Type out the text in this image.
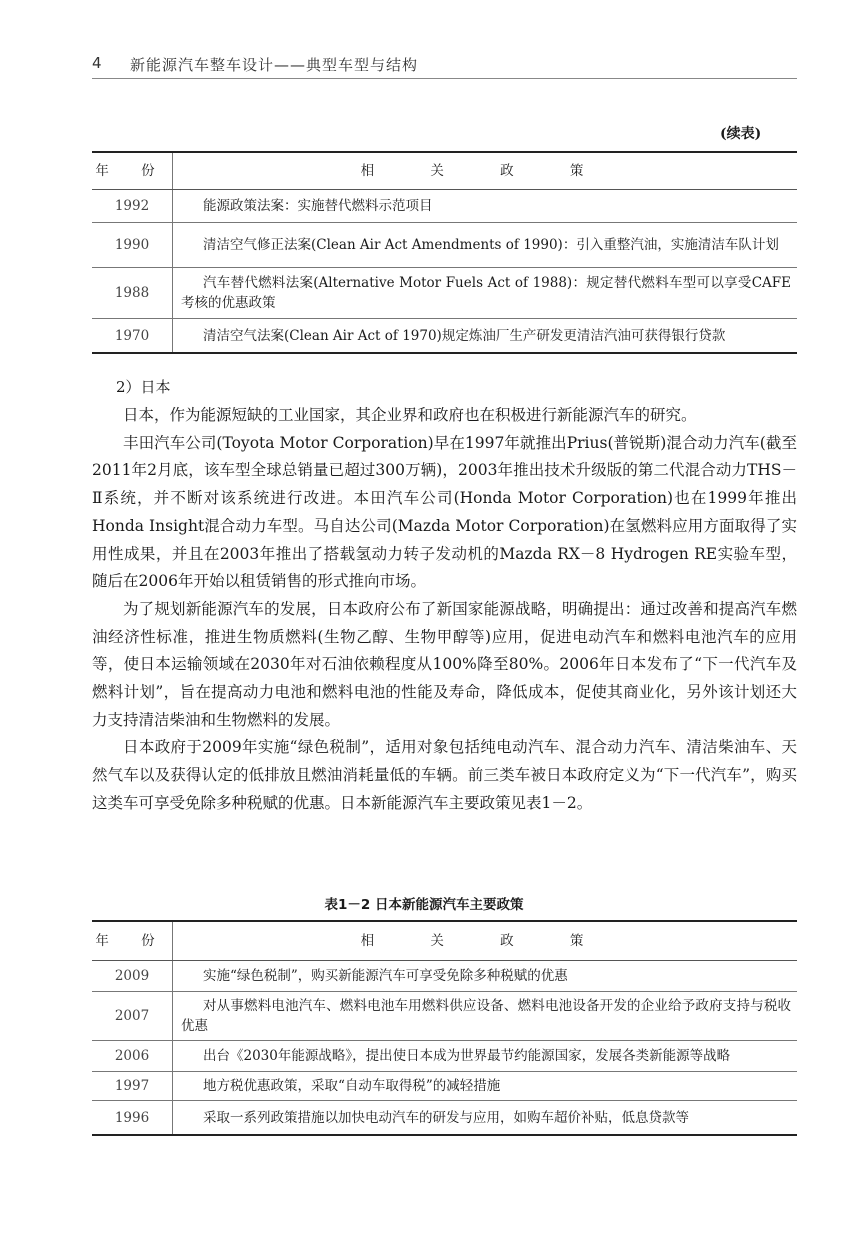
4 新能源汽车整车设计——典型车型与结构
(续表)
年 份	相 关 政 策
1992	能源政策法案：实施替代燃料示范项目
1990	清洁空气修正法案(Clean Air Act Amendments of 1990)：引入重整汽油，实施清洁车队计划
1988	汽车替代燃料法案(Alternative Motor Fuels Act of 1988)：规定替代燃料车型可以享受CAFE考核的优惠政策
1970	清洁空气法案(Clean Air Act of 1970)规定炼油厂生产研发更清洁汽油可获得银行贷款
2）日本

日本，作为能源短缺的工业国家，其企业界和政府也在积极进行新能源汽车的研究。

丰田汽车公司(Toyota Motor Corporation)早在1997年就推出Prius(普锐斯)混合动力汽车(截至2011年2月底，该车型全球总销量已超过300万辆)，2003年推出技术升级版的第二代混合动力THS－Ⅱ系统，并不断对该系统进行改进。本田汽车公司(Honda Motor Corporation)也在1999年推出Honda Insight混合动力车型。马自达公司(Mazda Motor Corporation)在氢燃料应用方面取得了实用性成果，并且在2003年推出了搭载氢动力转子发动机的Mazda RX－8 Hydrogen RE实验车型，随后在2006年开始以租赁销售的形式推向市场。

为了规划新能源汽车的发展，日本政府公布了新国家能源战略，明确提出：通过改善和提高汽车燃油经济性标准，推进生物质燃料(生物乙醇、生物甲醇等)应用，促进电动汽车和燃料电池汽车的应用等，使日本运输领域在2030年对石油依赖程度从100%降至80%。2006年日本发布了“下一代汽车及燃料计划”，旨在提高动力电池和燃料电池的性能及寿命，降低成本，促使其商业化，另外该计划还大力支持清洁柴油和生物燃料的发展。

日本政府于2009年实施“绿色税制”，适用对象包括纯电动汽车、混合动力汽车、清洁柴油车、天然气车以及获得认定的低排放且燃油消耗量低的车辆。前三类车被日本政府定义为“下一代汽车”，购买这类车可享受免除多种税赋的优惠。日本新能源汽车主要政策见表1－2。

表1－2 日本新能源汽车主要政策
年 份	相 关 政 策
2009	实施“绿色税制”，购买新能源汽车可享受免除多种税赋的优惠
2007	对从事燃料电池汽车、燃料电池车用燃料供应设备、燃料电池设备开发的企业给予政府支持与税收优惠
2006	出台《2030年能源战略》，提出使日本成为世界最节约能源国家，发展各类新能源等战略
1997	地方税优惠政策，采取“自动车取得税”的减轻措施
1996	采取一系列政策措施以加快电动汽车的研发与应用，如购车超价补贴，低息贷款等
